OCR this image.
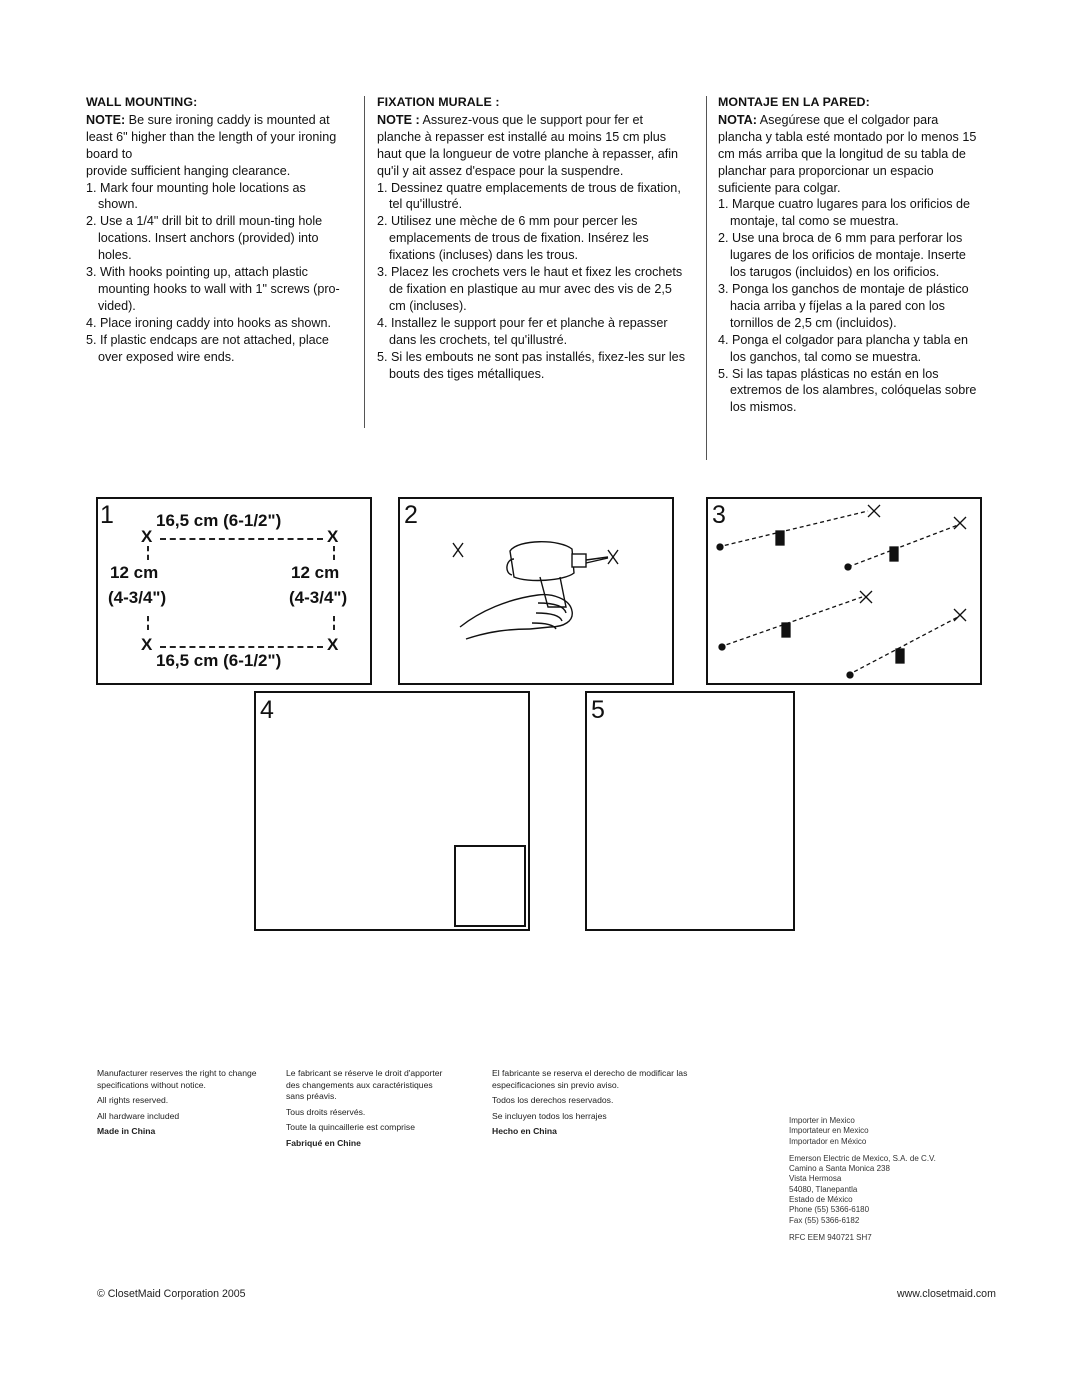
WALL MOUNTING:

NOTE: Be sure ironing caddy is mounted at least 6" higher than the length of your ironing board to

provide sufficient hanging clearance.

1. Mark four mounting hole locations as shown.
2. Use a 1/4" drill bit to drill moun-ting hole locations. Insert anchors (provided) into holes.
3. With hooks pointing up, attach plastic mounting hooks to wall with 1" screws (pro- vided).
4. Place ironing caddy into hooks as shown.
5. If plastic endcaps are not attached, place over exposed wire ends.
FIXATION MURALE :

NOTE : Assurez-vous que le support pour fer et planche à repasser est installé au moins 15 cm plus haut que la longueur de votre planche à repasser, afin qu'il y ait assez d'espace pour la suspendre.

1. Dessinez quatre emplacements de trous de fixation, tel qu'illustré.
2. Utilisez une mèche de 6 mm pour percer les emplacements de trous de fixation. Insérez les fixations (incluses) dans les trous.
3. Placez les crochets vers le haut et fixez les crochets de fixation en plastique au mur avec des vis de 2,5 cm (incluses).
4. Installez le support pour fer et planche à repasser dans les crochets, tel qu'illustré.
5. Si les embouts ne sont pas installés, fixez-les sur les bouts des tiges métalliques.
MONTAJE EN LA PARED:

NOTA: Asegúrese que el colgador para plancha y tabla esté montado por lo menos 15 cm más arriba que la longitud de su tabla de planchar para proporcionar un espacio suficiente para colgar.

1. Marque cuatro lugares para los orificios de montaje, tal como se muestra.
2. Use una broca de 6 mm para perforar los lugares de los orificios de montaje. Inserte los tarugos (incluidos) en los orificios.
3. Ponga los ganchos de montaje de plástico hacia arriba y fíjelas a la pared con los tornillos de 2,5 cm (incluidos).
4. Ponga el colgador para plancha y tabla en los ganchos, tal como se muestra.
5. Si las tapas plásticas no están en los extremos de los alambres, colóquelas sobre los mismos.
1 16,5 cm (6-1/2")
X	X
12 cm	12 cm
(4-3/4")	(4-3/4")
X	X
16,5 cm (6-1/2")
2	3
4	5

Manufacturer reserves the right to change specifications without notice.

All rights reserved.

All hardware included

Made in China

Le fabricant se réserve le droit d'apporter des changements aux caractéristiques sans préavis.

Tous droits réservés.

Toute la quincaillerie est comprise

Fabriqué en Chine

El fabricante se reserva el derecho de modificar las especificaciones sin previo aviso.

Todos los derechos reservados.

Se incluyen todos los herrajes

Hecho en China

Importer in Mexico
Importateur en Mexico
Importador en México

Emerson Electric de Mexico, S.A. de C.V.
Camino a Santa Monica 238
Vista Hermosa
54080, Tlanepantla
Estado de México
Phone (55) 5366-6180
Fax (55) 5366-6182

RFC EEM 940721 SH7

© ClosetMaid Corporation 2005	www.closetmaid.com
